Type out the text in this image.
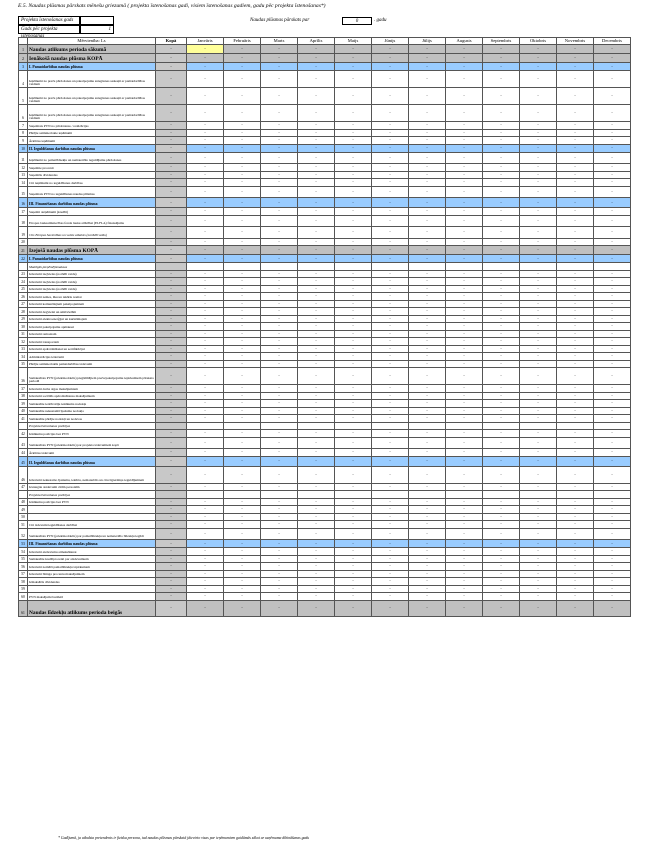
E.5. Naudas plūsmas pārskats mēnešu griezumā ( projekta īstenošanas gadi, visiem īstenošanas gadiem, gadu pēc projekta īstenošanas*)
Projekta īstenošanas gads
Gads pēc projekta īstenošanas
1
Naudas plūsmas pārskats par	0	. gadu
	Mērvienība: Ls	Kopā	Janvāris	Februāris	Marts	Aprīlis	Maijs	Jūnijs	Jūlijs	Augusts	Septembris	Oktobris	Novembris	Decembris
1	Naudas atlikums perioda sākumā	-	-	-	-	-	-	-	-	-	-	-	-	-
2	Ienākošā naudas plūsma KOPĀ	-	-	-	-	-	-	-	-	-	-	-	-	-
3	I. Pamatdarbības naudas plūsma	-	-	-	-	-	-	-	-	-	-	-	-	-
4	Ieņēmumi no preču pārdošanas un pakalpojumu sniegšanas saskaņā ar pamatdarbības veidiem	-	-	-	-	-	-	-	-	-	-	-	-	-
5	Ieņēmumi no preču pārdošanas un pakalpojumu sniegšanas saskaņā ar pamatdarbības veidiem	-	-	-	-	-	-	-	-	-	-	-	-	-
6	Ieņēmumi no preču pārdošanas un pakalpojumu sniegšanas saskaņā ar pamatdarbības veidiem	-	-	-	-	-	-	-	-	-	-	-	-	-
7	Saņemtais PVN no pārdošanas / realizācijas	-	-	-	-	-	-	-	-	-	-	-	-	-
8	Pārējie saimnieciskie ieņēmumi	-	-	-	-	-	-	-	-	-	-	-	-	-
9	Ārkārtas ieņēmumi	-	-	-	-	-	-	-	-	-	-	-	-	-
10	II. Ieguldīšanas darbības naudas plūsma	-	-	-	-	-	-	-	-	-	-	-	-	-
11	Ieņēmumi no pamatlīdzekļu un nemateriālo ieguldījumu pārdošanas	-	-	-	-	-	-	-	-	-	-	-	-	-
12	Saņemtie procenti	-	-	-	-	-	-	-	-	-	-	-	-	-
13	Saņemtās dividendes	-	-	-	-	-	-	-	-	-	-	-	-	-
14	Citi ieņēmumi no ieguldīšanas darbības	-	-	-	-	-	-	-	-	-	-	-	-	-
15	Saņemtais PVN no ieguldīšanas naudas plūsmas	-	-	-	-	-	-	-	-	-	-	-	-	-
16	III. Finansēšanas darbības naudas plūsma	-	-	-	-	-	-	-	-	-	-	-	-	-
17	Saņemti aizņēmumi (kredīti)	-	-	-	-	-	-	-	-	-	-	-	-	-
18	Eiropas lauksaimniecības fonda lauku attīstībai (ELFLA) finansējums	-	-	-	-	-	-	-	-	-	-	-	-	-
19	Cits Eiropas Savienības un valsts atbalsts (norādīt veidu)	-	-	-	-	-	-	-	-	-	-	-	-	-
20		-	-	-	-	-	-	-	-	-	-	-	-	-
21	Izejošā naudas plūsma KOPĀ	-	-	-	-	-	-	-	-	-	-	-	-	-
22	I. Pamatdarbības naudas plūsma	-	-	-	-	-	-	-	-	-	-	-	-	-
	Mainīgās pieņēmējizmaksas													
23	Izdevumi izejvielas (norādīt veidu)	-	-	-	-	-	-	-	-	-	-	-	-	-
24	Izdevumi izejvielas (norādīt veidu)	-	-	-	-	-	-	-	-	-	-	-	-	-
25	Izdevumi izejvielas (norādīt veidu)	-	-	-	-	-	-	-	-	-	-	-	-	-
26	Izdevumi zemes, ēku un iekārtu nomai	-	-	-	-	-	-	-	-	-	-	-	-	-
27	Izdevumi komunālajiem pakalpojumiem	-	-	-	-	-	-	-	-	-	-	-	-	-
28	Izdevumi degvielai un smērvielām	-	-	-	-	-	-	-	-	-	-	-	-	-
29	Izdevumi elektroenerģijai un kurināmajam	-	-	-	-	-	-	-	-	-	-	-	-	-
30	Izdevumi pakalpojumu apmaksai	-	-	-	-	-	-	-	-	-	-	-	-	-
31	Izdevumi remontam	-	-	-	-	-	-	-	-	-	-	-	-	-
32	Izdevumi transportam	-	-	-	-	-	-	-	-	-	-	-	-	-
33	Izdevumi apdrošināšanai un sertifikācijai	-	-	-	-	-	-	-	-	-	-	-	-	-
34	Administrācijas izdevumi	-	-	-	-	-	-	-	-	-	-	-	-	-
35	Pārējie saimnieciskās pamatdarbības izdevumi	-	-	-	-	-	-	-	-	-	-	-	-	-
36	Samaksātais PVN (priekšnodoklis) piegādātājiem preču/pakalpojumu iepirkumiem pārskata periodā	-	-	-	-	-	-	-	-	-	-	-	-	-
37	Izdevumi darba algas maksājumiem	-	-	-	-	-	-	-	-	-	-	-	-	-
38	Izdevumi sociālās apdrošināšanas maksājumiem	-	-	-	-	-	-	-	-	-	-	-	-	-
39	Samaksātie iedzīvotāju ienākuma nodokļa	-	-	-	-	-	-	-	-	-	-	-	-	-
40	Samaksātie nekustamā īpašuma nodokļa	-	-	-	-	-	-	-	-	-	-	-	-	-
41	Samaksātie pārējie nodokļi un nodevas	-	-	-	-	-	-	-	-	-	-	-	-	-
	Projekta īstenošanas pozīcijas													
42	Iznākumu pozīcijas bez PVN	-	-	-	-	-	-	-	-	-	-	-	-	-
43	Samaksātais PVN (priekšnodoklis) par projekta izdevumiem kopā	-	-	-	-	-	-	-	-	-	-	-	-	-
44	Ārkārtas izdevumi	-	-	-	-	-	-	-	-	-	-	-	-	-
45	II. Ieguldīšanas darbības naudas plūsma	-	-	-	-	-	-	-	-	-	-	-	-	-
46	Izdevumi nekustamo īpašumu, iekārtu, nemateriālo un citu ilgtermiņa ieguldījumiem	-	-	-	-	-	-	-	-	-	-	-	-	-
47	Izsniegtie aizdevumi citām personām	-	-	-	-	-	-	-	-	-	-	-	-	-
	Projekta īstenošanas pozīcijas													
48	Iznākumu pozīcijas bez PVN	-	-	-	-	-	-	-	-	-	-	-	-	-
49		-	-	-	-	-	-	-	-	-	-	-	-	-
50		-	-	-	-	-	-	-	-	-	-	-	-	-
51	Citi izdevumi ieguldīšanas darbībai	-	-	-	-	-	-	-	-	-	-	-	-	-
52	Samaksātais PVN (priekšnodoklis) par pamatlīdzekļu un nemateriālo līdzekļu iegādi	-	-	-	-	-	-	-	-	-	-	-	-	-
53	III. Finansēšanas darbības naudas plūsma	-	-	-	-	-	-	-	-	-	-	-	-	-
54	Izdevumi aizdevumu atmaksāšanai	-	-	-	-	-	-	-	-	-	-	-	-	-
55	Samaksātie kredītprocenti par aizdevumiem	-	-	-	-	-	-	-	-	-	-	-	-	-
56	Izdevumi nomātā pamatlīdzekļu izpirkumam	-	-	-	-	-	-	-	-	-	-	-	-	-
57	Izdevumi līzinga procentu maksājumiem	-	-	-	-	-	-	-	-	-	-	-	-	-
58	Izmaksātās dividendes	-	-	-	-	-	-	-	-	-	-	-	-	-
59		-	-	-	-	-	-	-	-	-	-	-	-	-
60	PVN maksājumi budžetā	-	-	-	-	-	-	-	-	-	-	-	-	-
61	Naudas līdzekļu atlikums perioda beigās	-	-	-	-	-	-	-	-	-	-	-	-	-
* Gadījumā, ja atbalsta pretendents ir fiziska persona, tad naudas plūsmas pārskatā jāievieto visas par ieņēmumiem gaidāmās sākot ar uzņēmuma dibināšanas gadu
